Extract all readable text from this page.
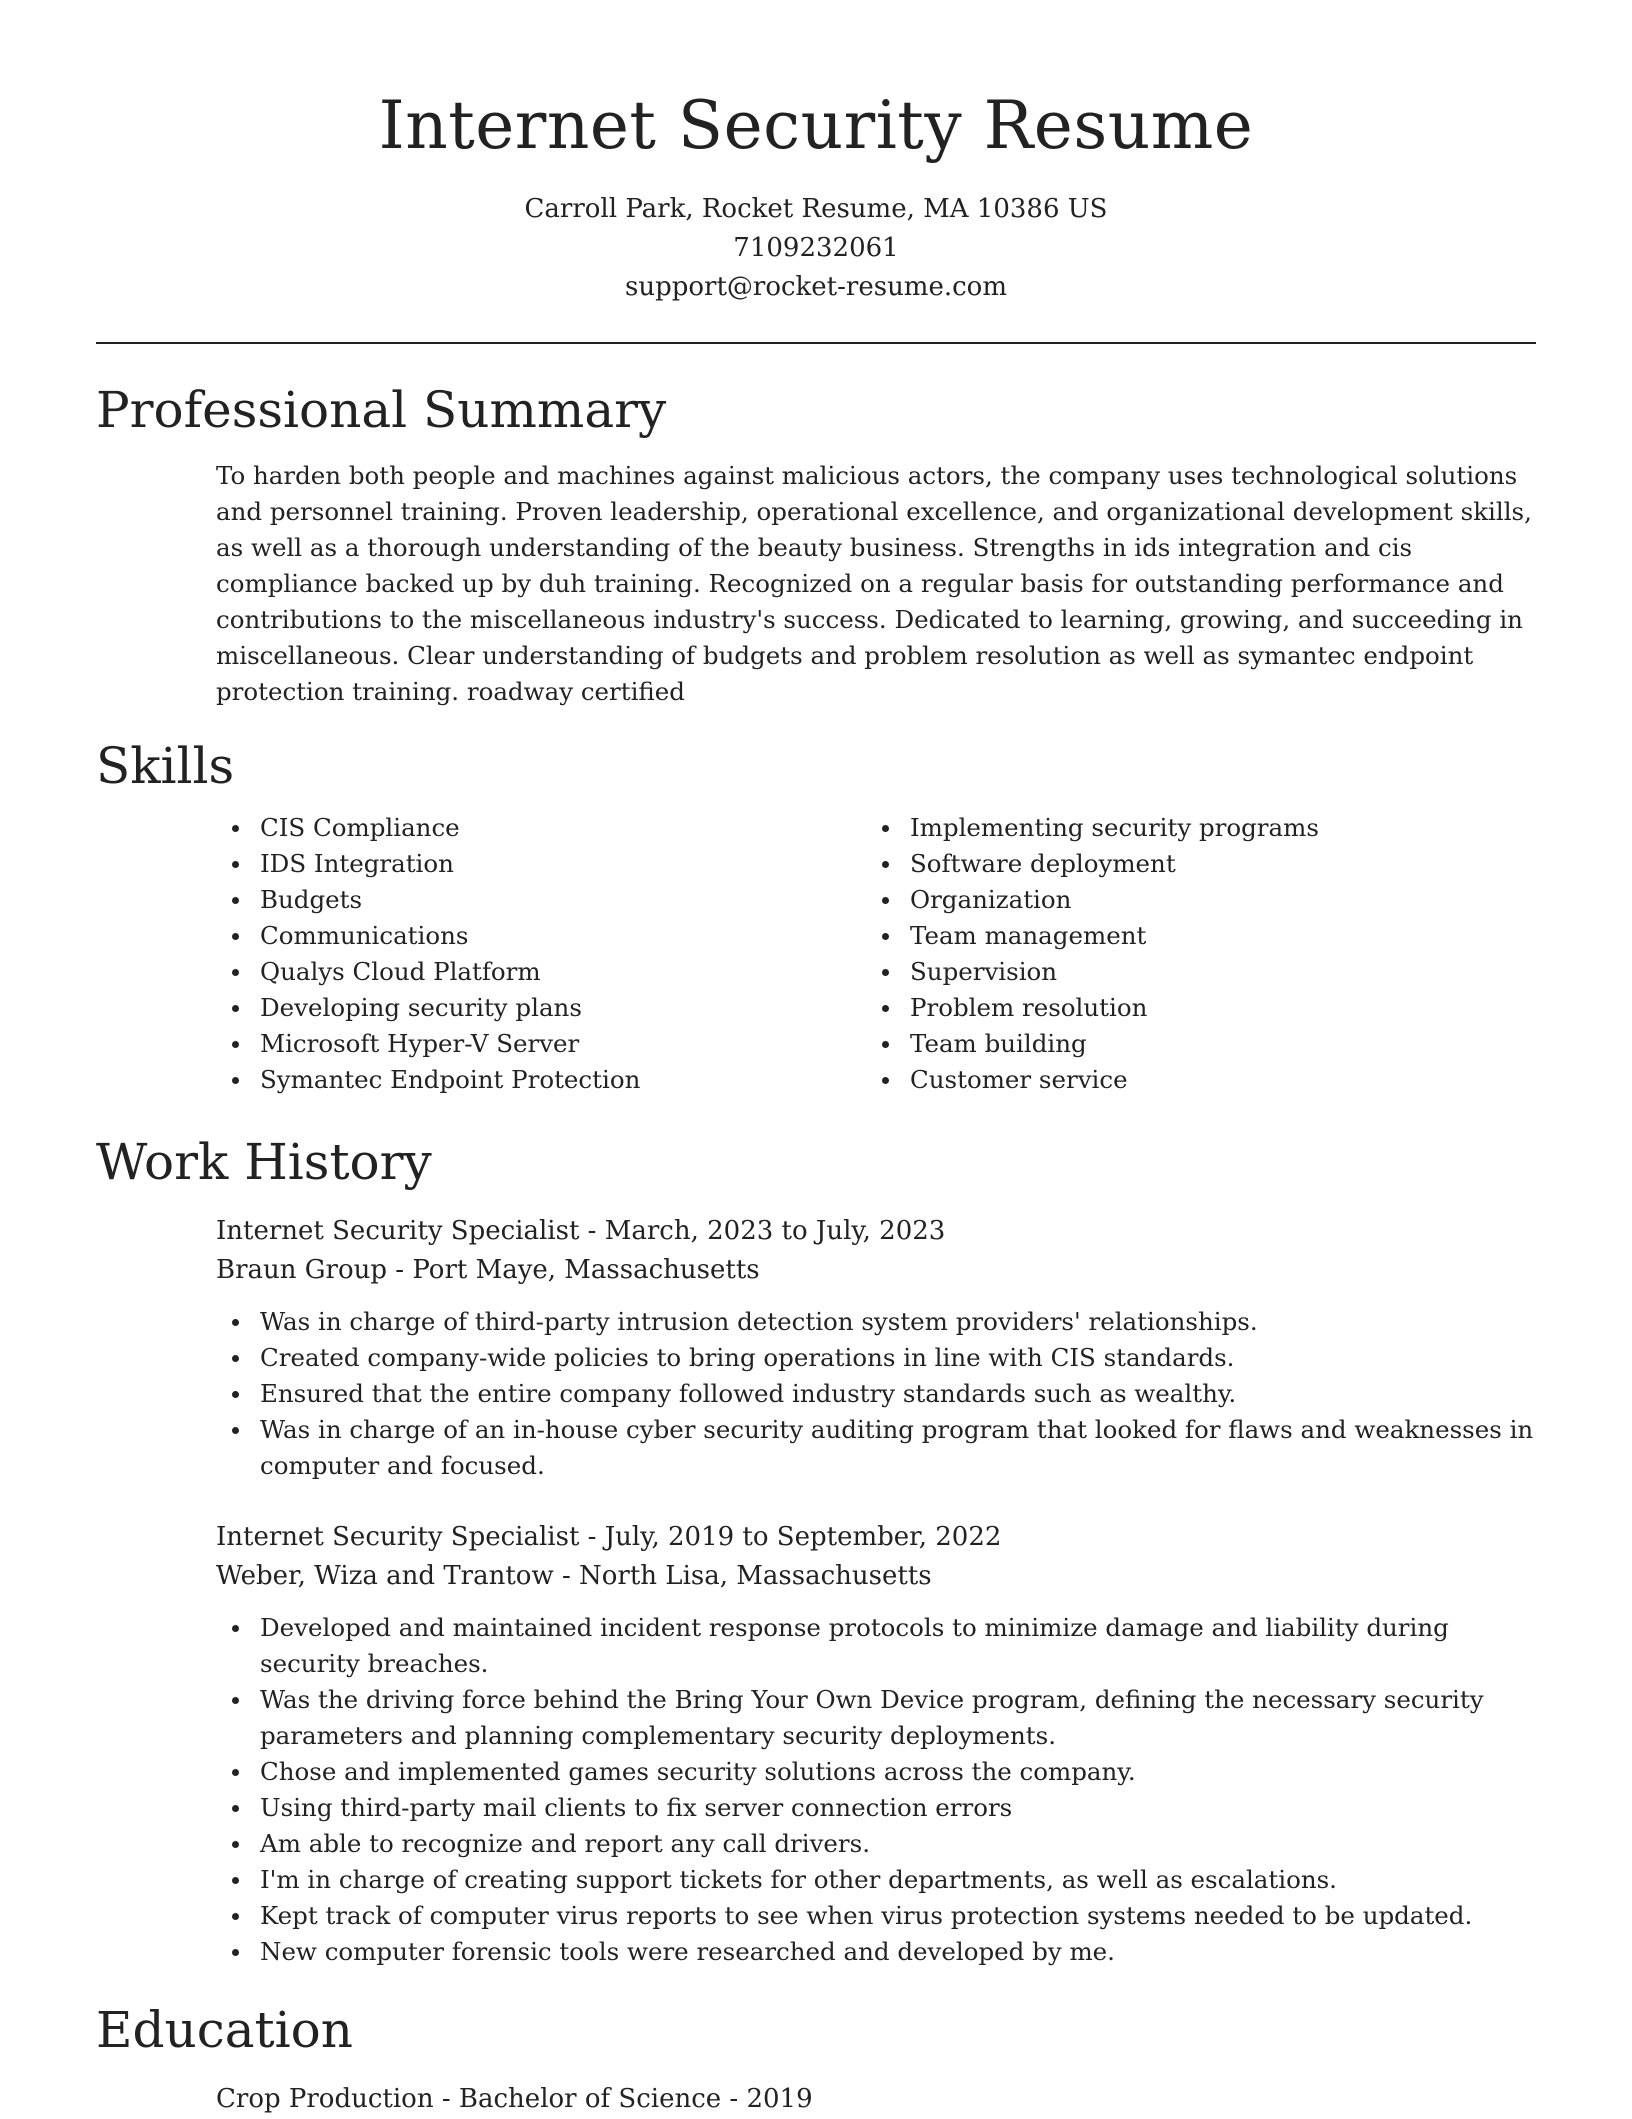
Internet Security Resume
Carroll Park, Rocket Resume, MA 10386 US
7109232061
support@rocket-resume.com
Professional Summary

To harden both people and machines against malicious actors, the company uses technological solutions and personnel training. Proven leadership, operational excellence, and organizational development skills, as well as a thorough understanding of the beauty business. Strengths in ids integration and cis compliance backed up by duh training. Recognized on a regular basis for outstanding performance and contributions to the miscellaneous industry's success. Dedicated to learning, growing, and succeeding in miscellaneous. Clear understanding of budgets and problem resolution as well as symantec endpoint protection training. roadway certified

Skills
CIS Compliance
IDS Integration
Budgets
Communications
Qualys Cloud Platform
Developing security plans
Microsoft Hyper-V Server
Symantec Endpoint Protection
Implementing security programs
Software deployment
Organization
Team management
Supervision
Problem resolution
Team building
Customer service
Work History
Internet Security Specialist - March, 2023 to July, 2023
Braun Group - Port Maye, Massachusetts
Was in charge of third-party intrusion detection system providers' relationships.
Created company-wide policies to bring operations in line with CIS standards.
Ensured that the entire company followed industry standards such as wealthy.
Was in charge of an in-house cyber security auditing program that looked for flaws and weaknesses in computer and focused.
Internet Security Specialist - July, 2019 to September, 2022
Weber, Wiza and Trantow - North Lisa, Massachusetts
Developed and maintained incident response protocols to minimize damage and liability during security breaches.
Was the driving force behind the Bring Your Own Device program, defining the necessary security parameters and planning complementary security deployments.
Chose and implemented games security solutions across the company.
Using third-party mail clients to fix server connection errors
Am able to recognize and report any call drivers.
I'm in charge of creating support tickets for other departments, as well as escalations.
Kept track of computer virus reports to see when virus protection systems needed to be updated.
New computer forensic tools were researched and developed by me.
Education
Crop Production - Bachelor of Science - 2019
